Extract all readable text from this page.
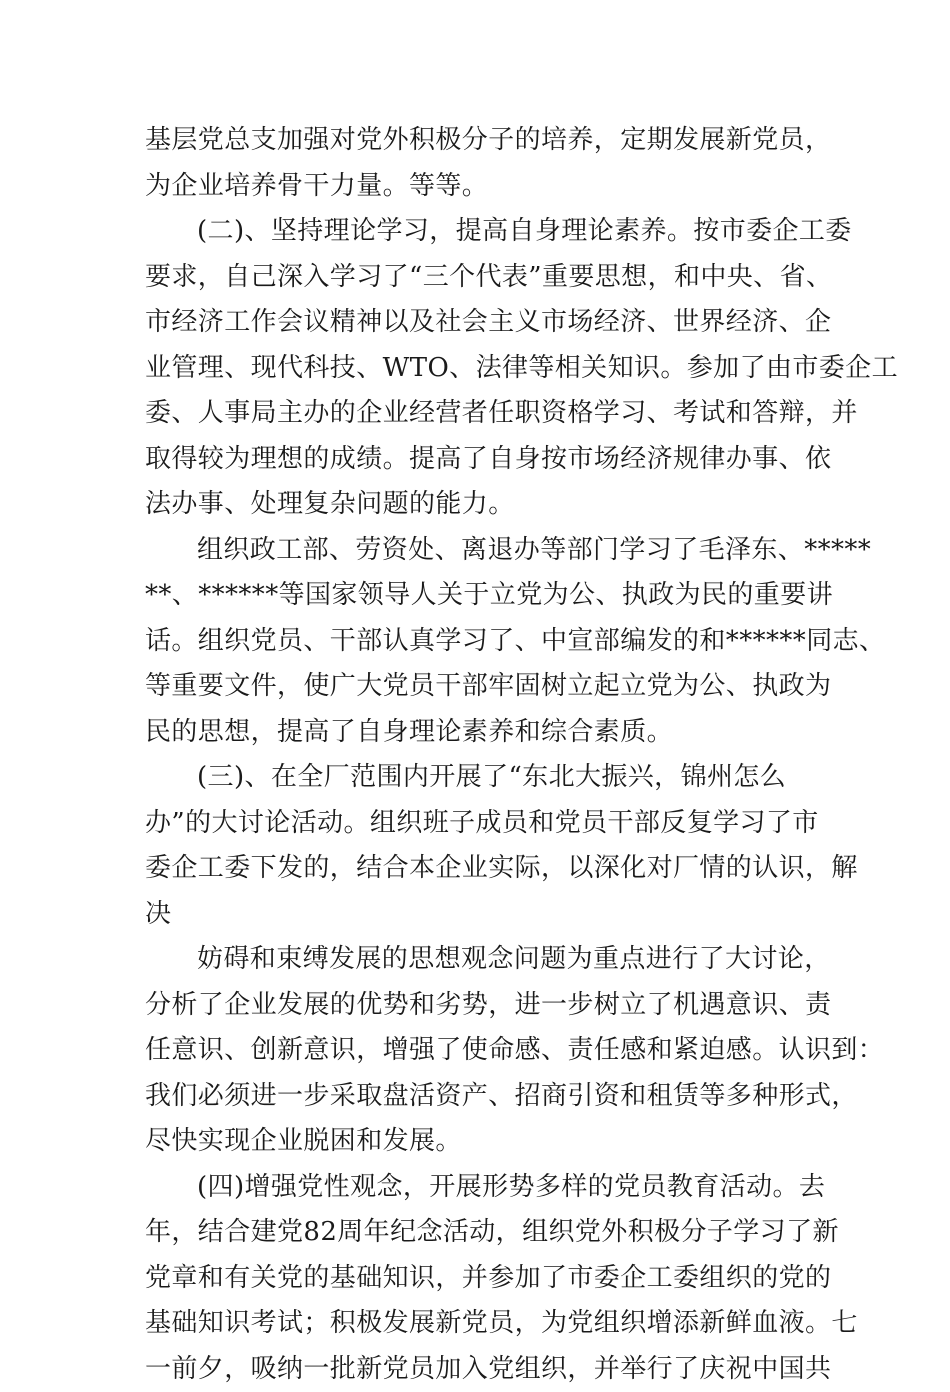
基层党总支加强对党外积极分子的培养，定期发展新党员，
为企业培养骨干力量。等等。
(二)、坚持理论学习，提高自身理论素养。按市委企工委
要求，自己深入学习了“三个代表”重要思想，和中央、省、
市经济工作会议精神以及社会主义市场经济、世界经济、企
业管理、现代科技、WTO、法律等相关知识。参加了由市委企工
委、人事局主办的企业经营者任职资格学习、考试和答辩，并
取得较为理想的成绩。提高了自身按市场经济规律办事、依
法办事、处理复杂问题的能力。
组织政工部、劳资处、离退办等部门学习了毛泽东、*****
**、******等国家领导人关于立党为公、执政为民的重要讲
话。组织党员、干部认真学习了、中宣部编发的和******同志、
等重要文件，使广大党员干部牢固树立起立党为公、执政为
民的思想，提高了自身理论素养和综合素质。
(三)、在全厂范围内开展了“东北大振兴，锦州怎么
办”的大讨论活动。组织班子成员和党员干部反复学习了市
委企工委下发的，结合本企业实际，以深化对厂情的认识，解
决
妨碍和束缚发展的思想观念问题为重点进行了大讨论，
分析了企业发展的优势和劣势，进一步树立了机遇意识、责
任意识、创新意识，增强了使命感、责任感和紧迫感。认识到：
我们必须进一步采取盘活资产、招商引资和租赁等多种形式，
尽快实现企业脱困和发展。
(四)增强党性观念，开展形势多样的党员教育活动。去
年，结合建党82周年纪念活动，组织党外积极分子学习了新
党章和有关党的基础知识，并参加了市委企工委组织的党的
基础知识考试；积极发展新党员，为党组织增添新鲜血液。七
一前夕，吸纳一批新党员加入党组织，并举行了庆祝中国共
